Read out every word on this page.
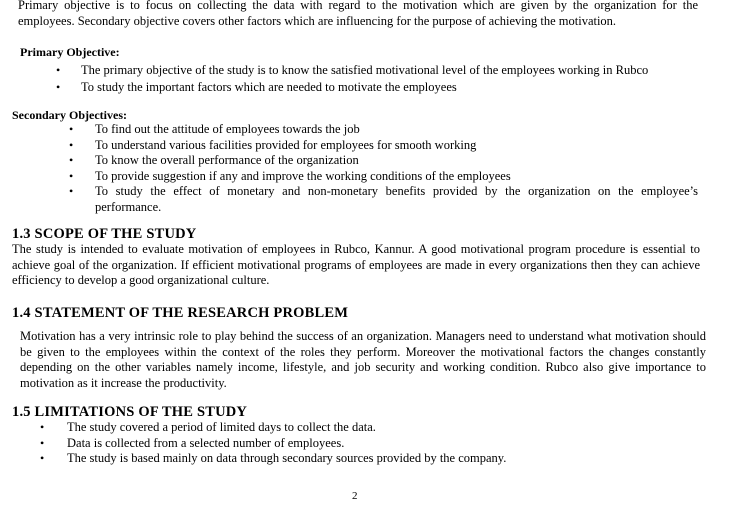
Primary objective is to focus on collecting the data with regard to the motivation which are given by the organization for the employees. Secondary objective covers other factors which are influencing for the purpose of achieving the motivation.

Primary Objective:

• The primary objective of the study is to know the satisfied motivational level of the employees working in Rubco
• To study the important factors which are needed to motivate the employees

Secondary Objectives:

• To find out the attitude of employees towards the job
• To understand various facilities provided for employees for smooth working
• To know the overall performance of the organization
• To provide suggestion if any and improve the working conditions of the employees
• To study the effect of monetary and non-monetary benefits provided by the organization on the employee’s performance.
1.3 SCOPE OF THE STUDY

The study is intended to evaluate motivation of employees in Rubco, Kannur. A good motivational program procedure is essential to achieve goal of the organization. If efficient motivational programs of employees are made in every organizations then they can achieve efficiency to develop a good organizational culture.

1.4 STATEMENT OF THE RESEARCH PROBLEM

Motivation has a very intrinsic role to play behind the success of an organization. Managers need to understand what motivation should be given to the employees within the context of the roles they perform. Moreover the motivational factors the changes constantly depending on the other variables namely income, lifestyle, and job security and working condition. Rubco also give importance to motivation as it increase the productivity.

1.5 LIMITATIONS OF THE STUDY
• The study covered a period of limited days to collect the data.
• Data is collected from a selected number of employees.
• The study is based mainly on data through secondary sources provided by the company.
2
